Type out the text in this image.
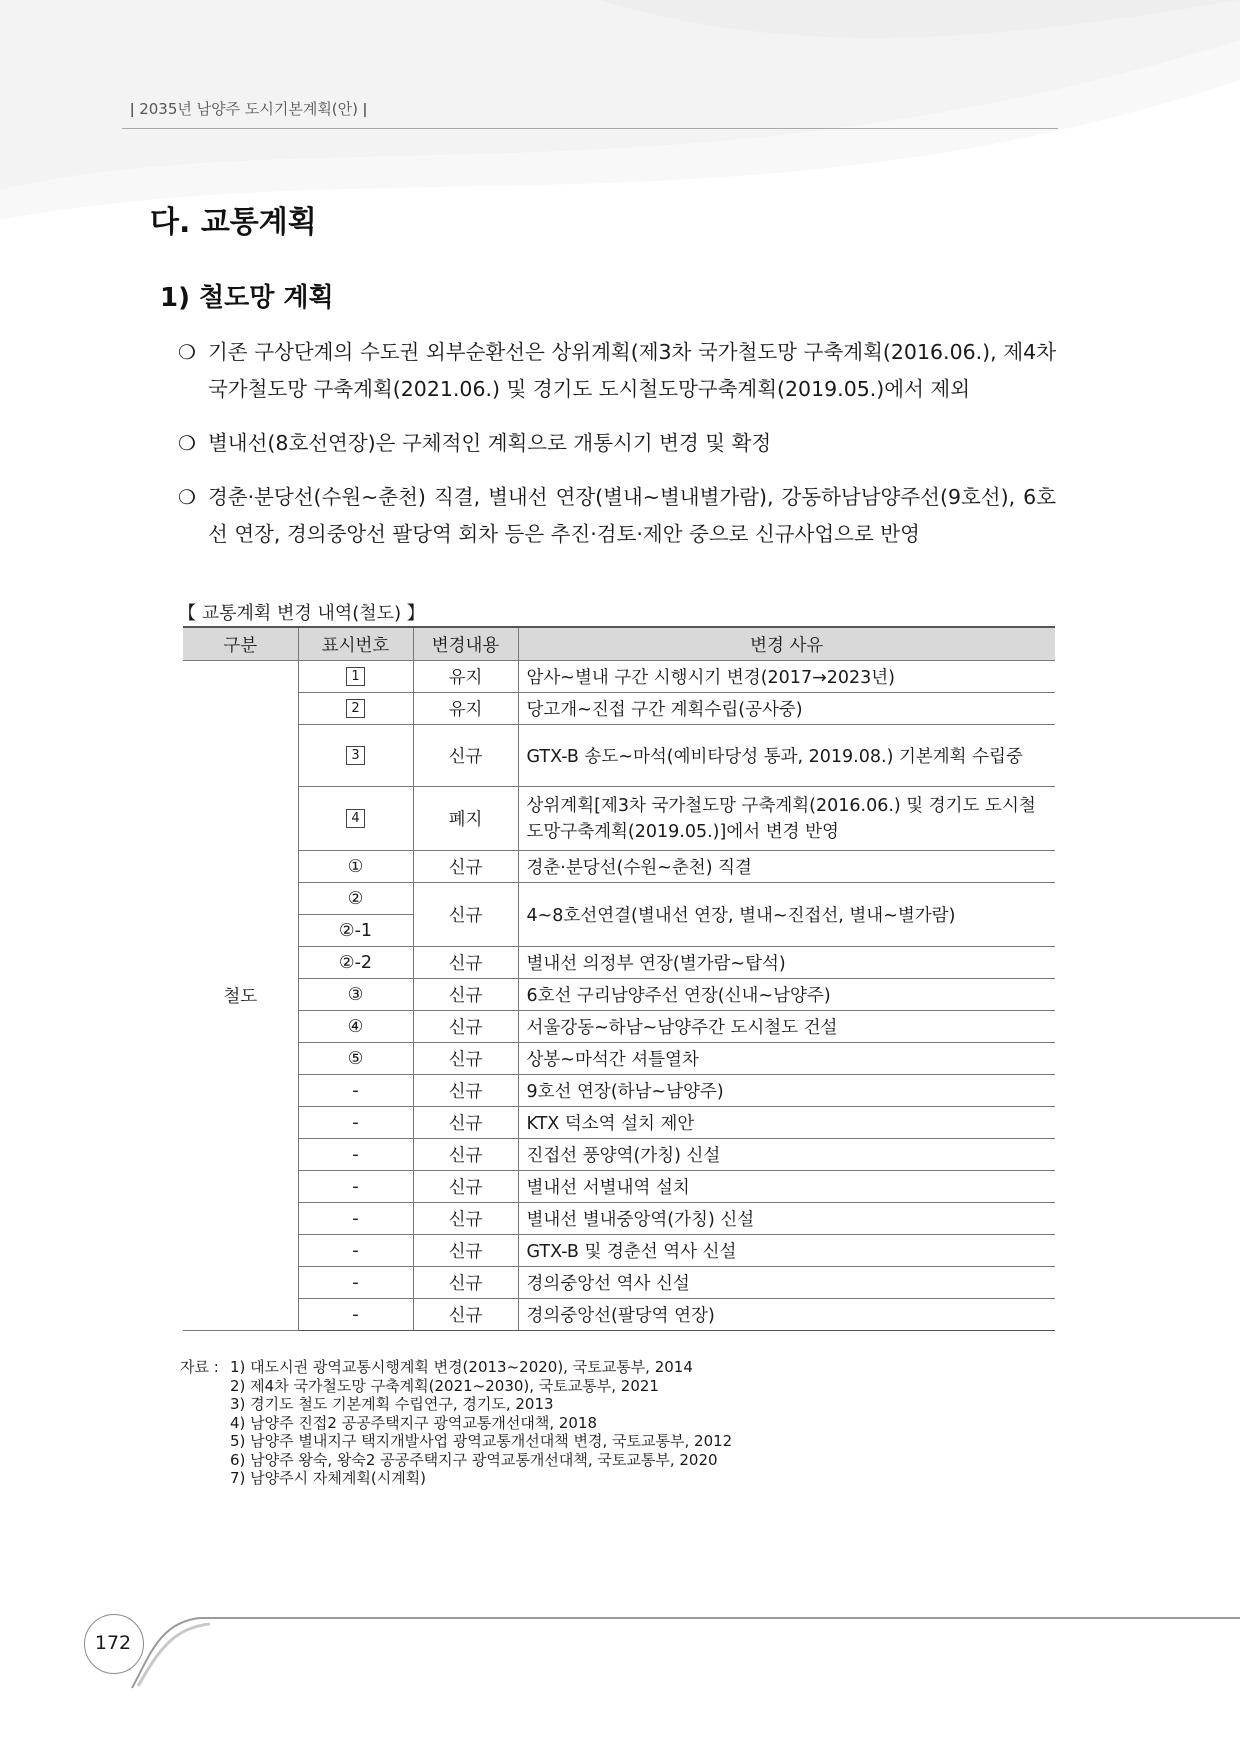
ǀ 2035년 남양주 도시기본계획(안) ǀ
다. 교통계획
1) 철도망 계획
❍ 기존 구상단계의 수도권 외부순환선은 상위계획(제3차 국가철도망 구축계획(2016.06.), 제4차 국가철도망 구축계획(2021.06.) 및 경기도 도시철도망구축계획(2019.05.)에서 제외
❍ 별내선(8호선연장)은 구체적인 계획으로 개통시기 변경 및 확정
❍ 경춘·분당선(수원~춘천) 직결, 별내선 연장(별내~별내별가람), 강동하남남양주선(9호선), 6호선 연장, 경의중앙선 팔당역 회차 등은 추진·검토·제안 중으로 신규사업으로 반영
【 교통계획 변경 내역(철도) 】
구분	표시번호	변경내용	변경 사유
철도	1	유지	암사~별내 구간 시행시기 변경(2017→2023년)
	2	유지	당고개~진접 구간 계획수립(공사중)
	3	신규	GTX-B 송도~마석(예비타당성 통과, 2019.08.) 기본계획 수립중
	4	폐지	상위계획[제3차 국가철도망 구축계획(2016.06.) 및 경기도 도시철도망구축계획(2019.05.)]에서 변경 반영
	①	신규	경춘·분당선(수원~춘천) 직결
	②	신규	4~8호선연결(별내선 연장, 별내~진접선, 별내~별가람)
	②-1		
	②-2	신규	별내선 의정부 연장(별가람~탑석)
	③	신규	6호선 구리남양주선 연장(신내~남양주)
	④	신규	서울강동~하남~남양주간 도시철도 건설
	⑤	신규	상봉~마석간 셔틀열차
	-	신규	9호선 연장(하남~남양주)
	-	신규	KTX 덕소역 설치 제안
	-	신규	진접선 풍양역(가칭) 신설
	-	신규	별내선 서별내역 설치
	-	신규	별내선 별내중앙역(가칭) 신설
	-	신규	GTX-B 및 경춘선 역사 신설
	-	신규	경의중앙선 역사 신설
	-	신규	경의중앙선(팔당역 연장)
자료 : 1) 대도시권 광역교통시행계획 변경(2013~2020), 국토교통부, 2014
2) 제4차 국가철도망 구축계획(2021~2030), 국토교통부, 2021
3) 경기도 철도 기본계획 수립연구, 경기도, 2013
4) 남양주 진접2 공공주택지구 광역교통개선대책, 2018
5) 남양주 별내지구 택지개발사업 광역교통개선대책 변경, 국토교통부, 2012
6) 남양주 왕숙, 왕숙2 공공주택지구 광역교통개선대책, 국토교통부, 2020
7) 남양주시 자체계획(시계획)
172
